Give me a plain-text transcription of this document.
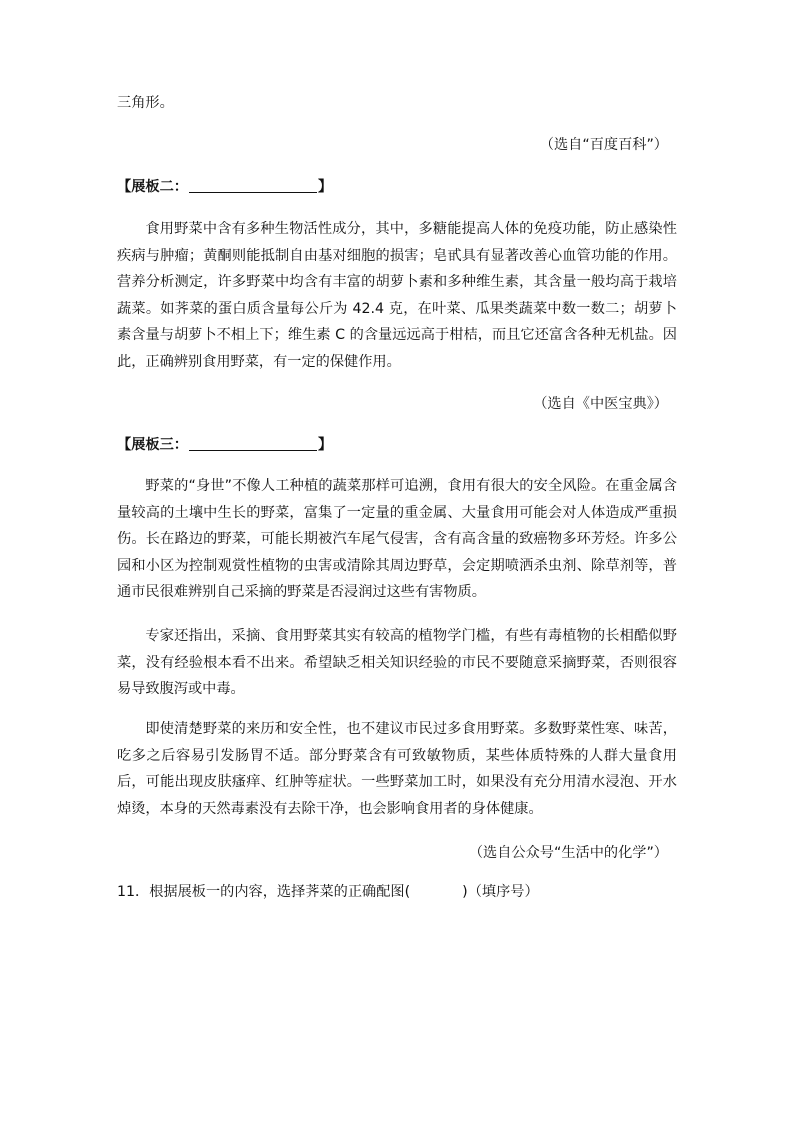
三角形。
（选自“百度百科”）
【展板二：	】

食用野菜中含有多种生物活性成分，其中，多糖能提高人体的免疫功能，防止感染性疾病与肿瘤；黄酮则能抵制自由基对细胞的损害；皂甙具有显著改善心血管功能的作用。营养分析测定，许多野菜中均含有丰富的胡萝卜素和多种维生素，其含量一般均高于栽培蔬菜。如荠菜的蛋白质含量每公斤为 42.4 克，在叶菜、瓜果类蔬菜中数一数二；胡萝卜素含量与胡萝卜不相上下；维生素 C 的含量远远高于柑桔，而且它还富含各种无机盐。因此，正确辨别食用野菜，有一定的保健作用。

（选自《中医宝典》）
【展板三：	】

野菜的“身世”不像人工种植的蔬菜那样可追溯，食用有很大的安全风险。在重金属含量较高的土壤中生长的野菜，富集了一定量的重金属、大量食用可能会对人体造成严重损伤。长在路边的野菜，可能长期被汽车尾气侵害，含有高含量的致癌物多环芳烃。许多公园和小区为控制观赏性植物的虫害或清除其周边野草，会定期喷洒杀虫剂、除草剂等，普通市民很难辨别自己采摘的野菜是否浸润过这些有害物质。

专家还指出，采摘、食用野菜其实有较高的植物学门槛，有些有毒植物的长相酷似野菜，没有经验根本看不出来。希望缺乏相关知识经验的市民不要随意采摘野菜，否则很容易导致腹泻或中毒。

即使清楚野菜的来历和安全性，也不建议市民过多食用野菜。多数野菜性寒、味苦，吃多之后容易引发肠胃不适。部分野菜含有可致敏物质，某些体质特殊的人群大量食用后，可能出现皮肤瘙痒、红肿等症状。一些野菜加工时，如果没有充分用清水浸泡、开水焯烫，本身的天然毒素没有去除干净，也会影响食用者的身体健康。

（选自公众号“生活中的化学”）
11．根据展板一的内容，选择荠菜的正确配图(	)（填序号）
